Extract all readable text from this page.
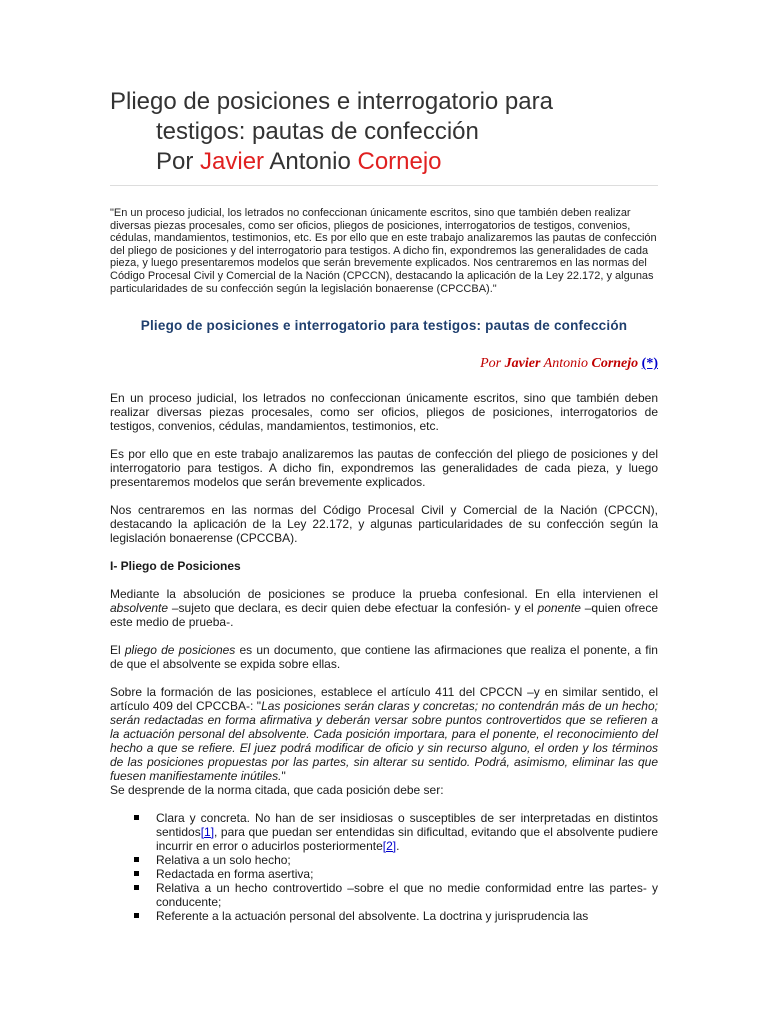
Pliego de posiciones e interrogatorio para
testigos: pautas de confección
Por Javier Antonio Cornejo
"En un proceso judicial, los letrados no confeccionan únicamente escritos, sino que también deben realizar diversas piezas procesales, como ser oficios, pliegos de posiciones, interrogatorios de testigos, convenios, cédulas, mandamientos, testimonios, etc. Es por ello que en este trabajo analizaremos las pautas de confección del pliego de posiciones y del interrogatorio para testigos. A dicho fin, expondremos las generalidades de cada pieza, y luego presentaremos modelos que serán brevemente explicados. Nos centraremos en las normas del Código Procesal Civil y Comercial de la Nación (CPCCN), destacando la aplicación de la Ley 22.172, y algunas particularidades de su confección según la legislación bonaerense (CPCCBA)."
Pliego de posiciones e interrogatorio para testigos: pautas de confección
Por Javier Antonio Cornejo (*)

En un proceso judicial, los letrados no confeccionan únicamente escritos, sino que también deben realizar diversas piezas procesales, como ser oficios, pliegos de posiciones, interrogatorios de testigos, convenios, cédulas, mandamientos, testimonios, etc.

Es por ello que en este trabajo analizaremos las pautas de confección del pliego de posiciones y del interrogatorio para testigos. A dicho fin, expondremos las generalidades de cada pieza, y luego presentaremos modelos que serán brevemente explicados.

Nos centraremos en las normas del Código Procesal Civil y Comercial de la Nación (CPCCN), destacando la aplicación de la Ley 22.172, y algunas particularidades de su confección según la legislación bonaerense (CPCCBA).

I- Pliego de Posiciones

Mediante la absolución de posiciones se produce la prueba confesional. En ella intervienen el absolvente –sujeto que declara, es decir quien debe efectuar la confesión- y el ponente –quien ofrece este medio de prueba-.

El pliego de posiciones es un documento, que contiene las afirmaciones que realiza el ponente, a fin de que el absolvente se expida sobre ellas.

Sobre la formación de las posiciones, establece el artículo 411 del CPCCN –y en similar sentido, el artículo 409 del CPCCBA-: "Las posiciones serán claras y concretas; no contendrán más de un hecho; serán redactadas en forma afirmativa y deberán versar sobre puntos controvertidos que se refieren a la actuación personal del absolvente. Cada posición importara, para el ponente, el reconocimiento del hecho a que se refiere. El juez podrá modificar de oficio y sin recurso alguno, el orden y los términos de las posiciones propuestas por las partes, sin alterar su sentido. Podrá, asimismo, eliminar las que fuesen manifiestamente inútiles."

Se desprende de la norma citada, que cada posición debe ser:

Clara y concreta. No han de ser insidiosas o susceptibles de ser interpretadas en distintos sentidos[1], para que puedan ser entendidas sin dificultad, evitando que el absolvente pudiere incurrir en error o aducirlos posteriormente[2].
Relativa a un solo hecho;
Redactada en forma asertiva;
Relativa a un hecho controvertido –sobre el que no medie conformidad entre las partes- y conducente;
Referente a la actuación personal del absolvente. La doctrina y jurisprudencia las
